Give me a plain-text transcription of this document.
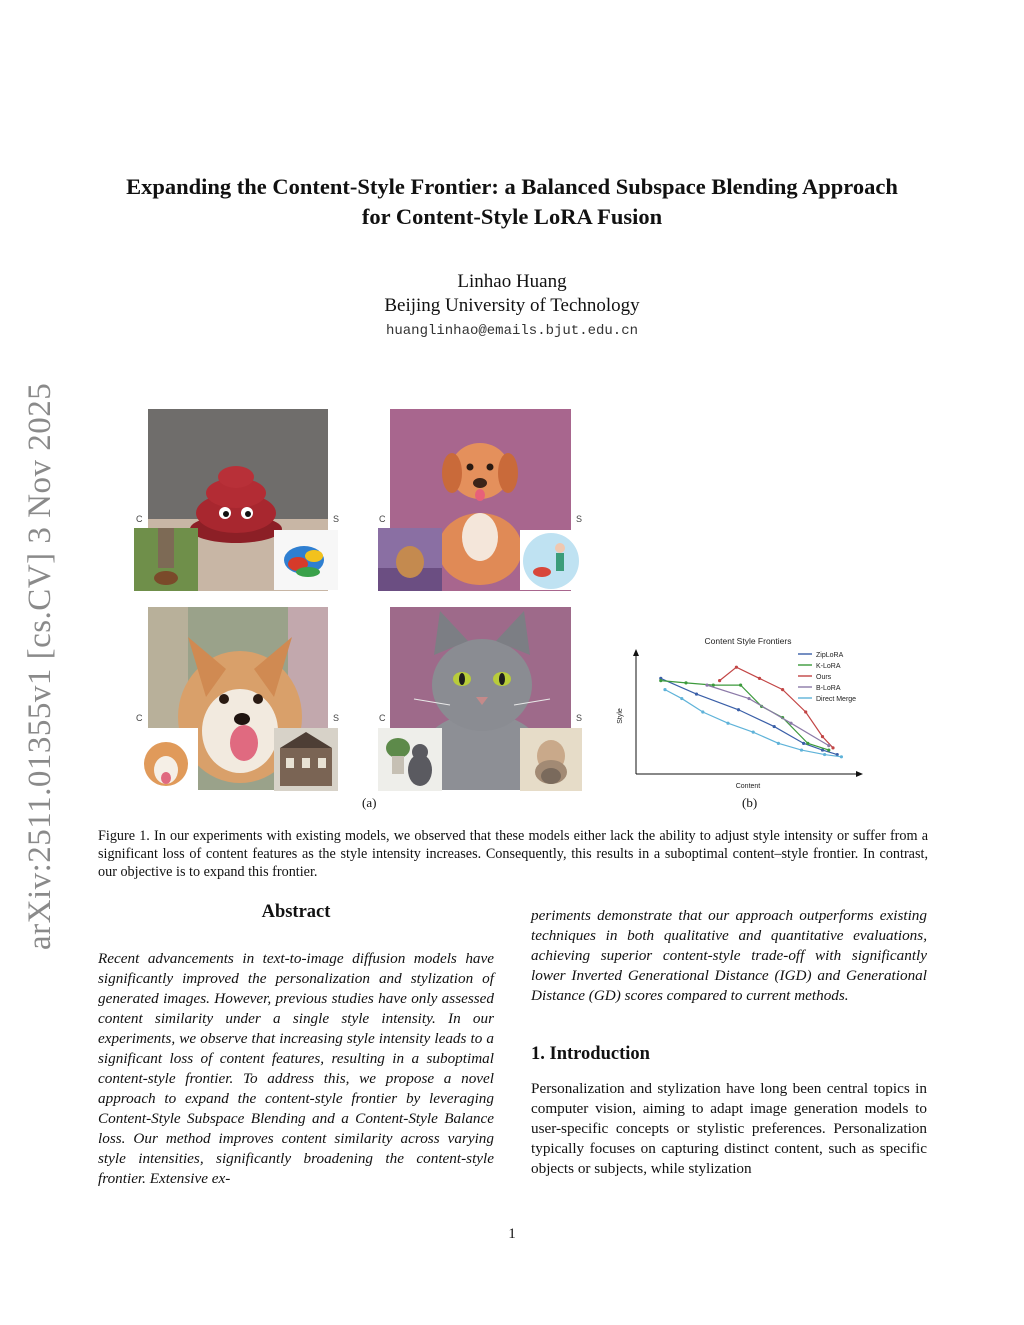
arXiv:2511.01355v1 [cs.CV] 3 Nov 2025
Expanding the Content-Style Frontier: a Balanced Subspace Blending Approach
for Content-Style LoRA Fusion
Linhao Huang
Beijing University of Technology
huanglinhao@emails.bjut.edu.cn
C	S	C	S
C	S	C	S
(a)
Content Style Frontiers
Content
Style
ZipLoRA
K-LoRA
Ours
B-LoRA
Direct Merge
(b)
Figure 1. In our experiments with existing models, we observed that these models either lack the ability to adjust style intensity or suffer from a significant loss of content features as the style intensity increases. Consequently, this results in a suboptimal content–style frontier. In contrast, our objective is to expand this frontier.
Abstract

Recent advancements in text-to-image diffusion models have significantly improved the personalization and stylization of generated images. However, previous studies have only assessed content similarity under a single style intensity. In our experiments, we observe that increasing style intensity leads to a significant loss of content features, resulting in a suboptimal content-style frontier. To address this, we propose a novel approach to expand the content-style frontier by leveraging Content-Style Subspace Blending and a Content-Style Balance loss. Our method improves content similarity across varying style intensities, significantly broadening the content-style frontier. Extensive ex-

periments demonstrate that our approach outperforms existing techniques in both qualitative and quantitative evaluations, achieving superior content-style trade-off with significantly lower Inverted Generational Distance (IGD) and Generational Distance (GD) scores compared to current methods.

1. Introduction

Personalization and stylization have long been central topics in computer vision, aiming to adapt image generation models to user-specific concepts or stylistic preferences. Personalization typically focuses on capturing distinct content, such as specific objects or subjects, while stylization

1
